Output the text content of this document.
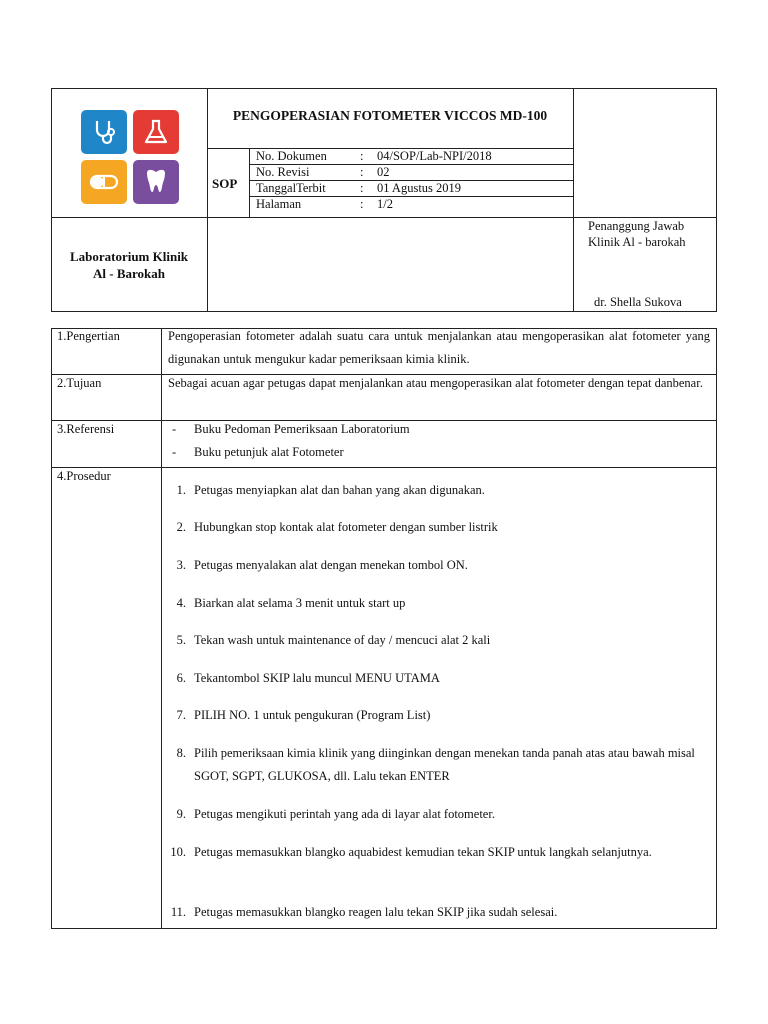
PENGOPERASIAN FOTOMETER VICCOS MD-100
SOP
No. Dokumen	: 04/SOP/Lab-NPI/2018
No. Revisi	: 02
TanggalTerbit	: 01 Agustus 2019
Halaman	: 1/2
Laboratorium Klinik
Al - Barokah
Penanggung Jawab
Klinik Al - barokah
dr. Shella Sukova
1.Pengertian	Pengoperasian fotometer adalah suatu cara untuk menjalankan atau mengoperasikan alat fotometer yang digunakan untuk mengukur kadar pemeriksaan kimia klinik.
2.Tujuan	Sebagai acuan agar petugas dapat menjalankan atau mengoperasikan alat fotometer dengan tepat danbenar.
3.Referensi	- Buku Pedoman Pemeriksaan Laboratorium
- Buku petunjuk alat Fotometer
4.Prosedur
1. Petugas menyiapkan alat dan bahan yang akan digunakan.
2. Hubungkan stop kontak alat fotometer dengan sumber listrik
3. Petugas menyalakan alat dengan menekan tombol ON.
4. Biarkan alat selama 3 menit untuk start up
5. Tekan wash untuk maintenance of day / mencuci alat 2 kali
6. Tekantombol SKIP lalu muncul MENU UTAMA
7. PILIH NO. 1 untuk pengukuran (Program List)
8. Pilih pemeriksaan kimia klinik yang diinginkan dengan menekan tanda panah atas atau bawah misal SGOT, SGPT, GLUKOSA, dll. Lalu tekan ENTER
9. Petugas mengikuti perintah yang ada di layar alat fotometer.
10. Petugas memasukkan blangko aquabidest kemudian tekan SKIP untuk langkah selanjutnya.
11. Petugas memasukkan blangko reagen lalu tekan SKIP jika sudah selesai.
